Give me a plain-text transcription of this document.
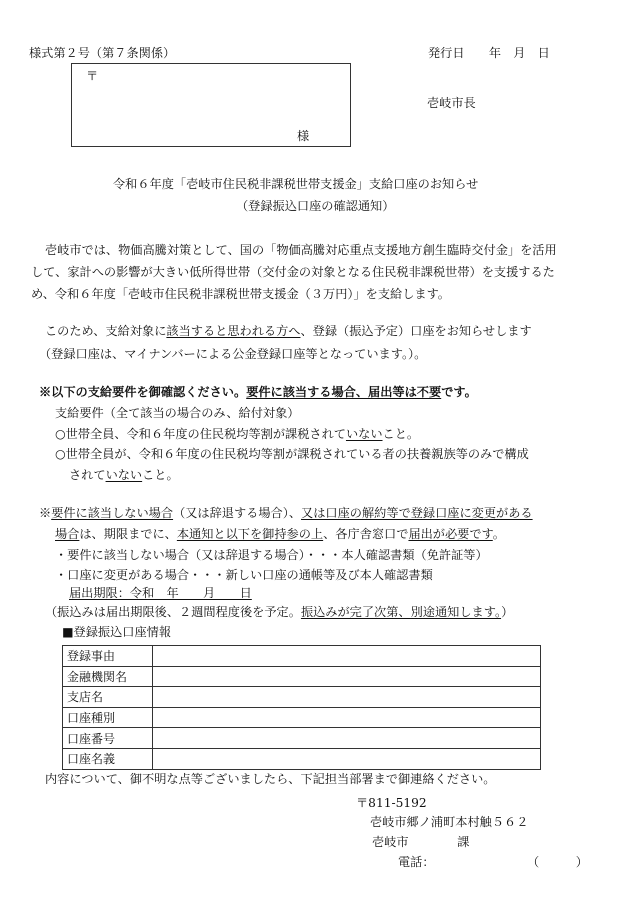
様式第２号（第７条関係）	発行日　　年　月　日
壱岐市長
〒
様
令和６年度「壱岐市住民税非課税世帯支援金」支給口座のお知らせ
（登録振込口座の確認通知）
壱岐市では、物価高騰対策として、国の「物価高騰対応重点支援地方創生臨時交付金」を活用
して、家計への影響が大きい低所得世帯（交付金の対象となる住民税非課税世帯）を支援するた
め、令和６年度「壱岐市住民税非課税世帯支援金（３万円）」を支給します。
このため、支給対象に該当すると思われる方へ、登録（振込予定）口座をお知らせします
（登録口座は、マイナンバーによる公金登録口座等となっています。）。
※以下の支給要件を御確認ください。要件に該当する場合、届出等は不要です。
支給要件（全て該当の場合のみ、給付対象）
○世帯全員、令和６年度の住民税均等割が課税されていないこと。
○世帯全員が、令和６年度の住民税均等割が課税されている者の扶養親族等のみで構成
されていないこと。
※要件に該当しない場合（又は辞退する場合）、又は口座の解約等で登録口座に変更がある
場合は、期限までに、本通知と以下を御持参の上、各庁舎窓口で届出が必要です。
・要件に該当しない場合（又は辞退する場合）・・・本人確認書類（免許証等）
・口座に変更がある場合・・・新しい口座の通帳等及び本人確認書類
届出期限：令和　年　　月　　日
（振込みは届出期限後、２週間程度後を予定。振込みが完了次第、別途通知します。）
■登録振込口座情報
登録事由	
金融機関名	
支店名	
口座種別	
口座番号	
口座名義	
内容について、御不明な点等ございましたら、下記担当部署まで御連絡ください。
〒811-5192
壱岐市郷ノ浦町本村触５６２
壱岐市　　　　課
電話：	（　　　）
